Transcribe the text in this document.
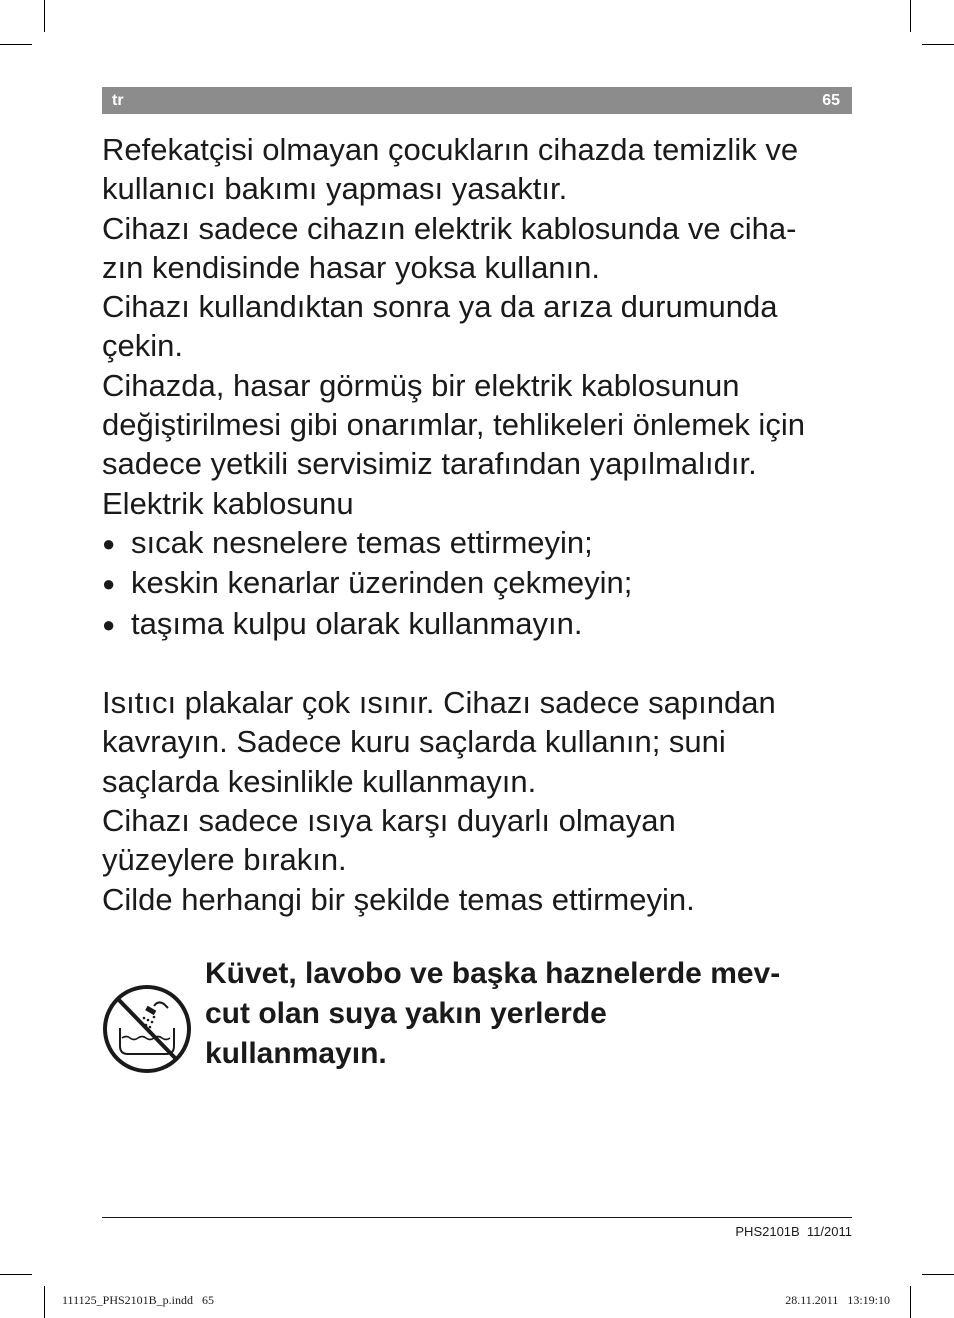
tr	65

Refekatçisi olmayan çocukların cihazda temizlik ve
kullanıcı bakımı yapması yasaktır.

Cihazı sadece cihazın elektrik kablosunda ve ciha-
zın kendisinde hasar yoksa kullanın.

Cihazı kullandıktan sonra ya da arıza durumunda
çekin.

Cihazda, hasar görmüş bir elektrik kablosunun
değiştirilmesi gibi onarımlar, tehlikeleri önlemek için
sadece yetkili servisimiz tarafından yapılmalıdır.

Elektrik kablosunu

● sıcak nesnelere temas ettirmeyin;
● keskin kenarlar üzerinden çekmeyin;
● taşıma kulpu olarak kullanmayın.

Isıtıcı plakalar çok ısınır. Cihazı sadece sapından
kavrayın. Sadece kuru saçlarda kullanın; suni
saçlarda kesinlikle kullanmayın.

Cihazı sadece ısıya karşı duyarlı olmayan
yüzeylere bırakın.

Cilde herhangi bir şekilde temas ettirmeyin.

Küvet, lavobo ve başka haznelerde mev-
cut olan suya yakın yerlerde
kullanmayın.

PHS2101B  11/2011
111125_PHS2101B_p.indd   65	28.11.2011   13:19:10
